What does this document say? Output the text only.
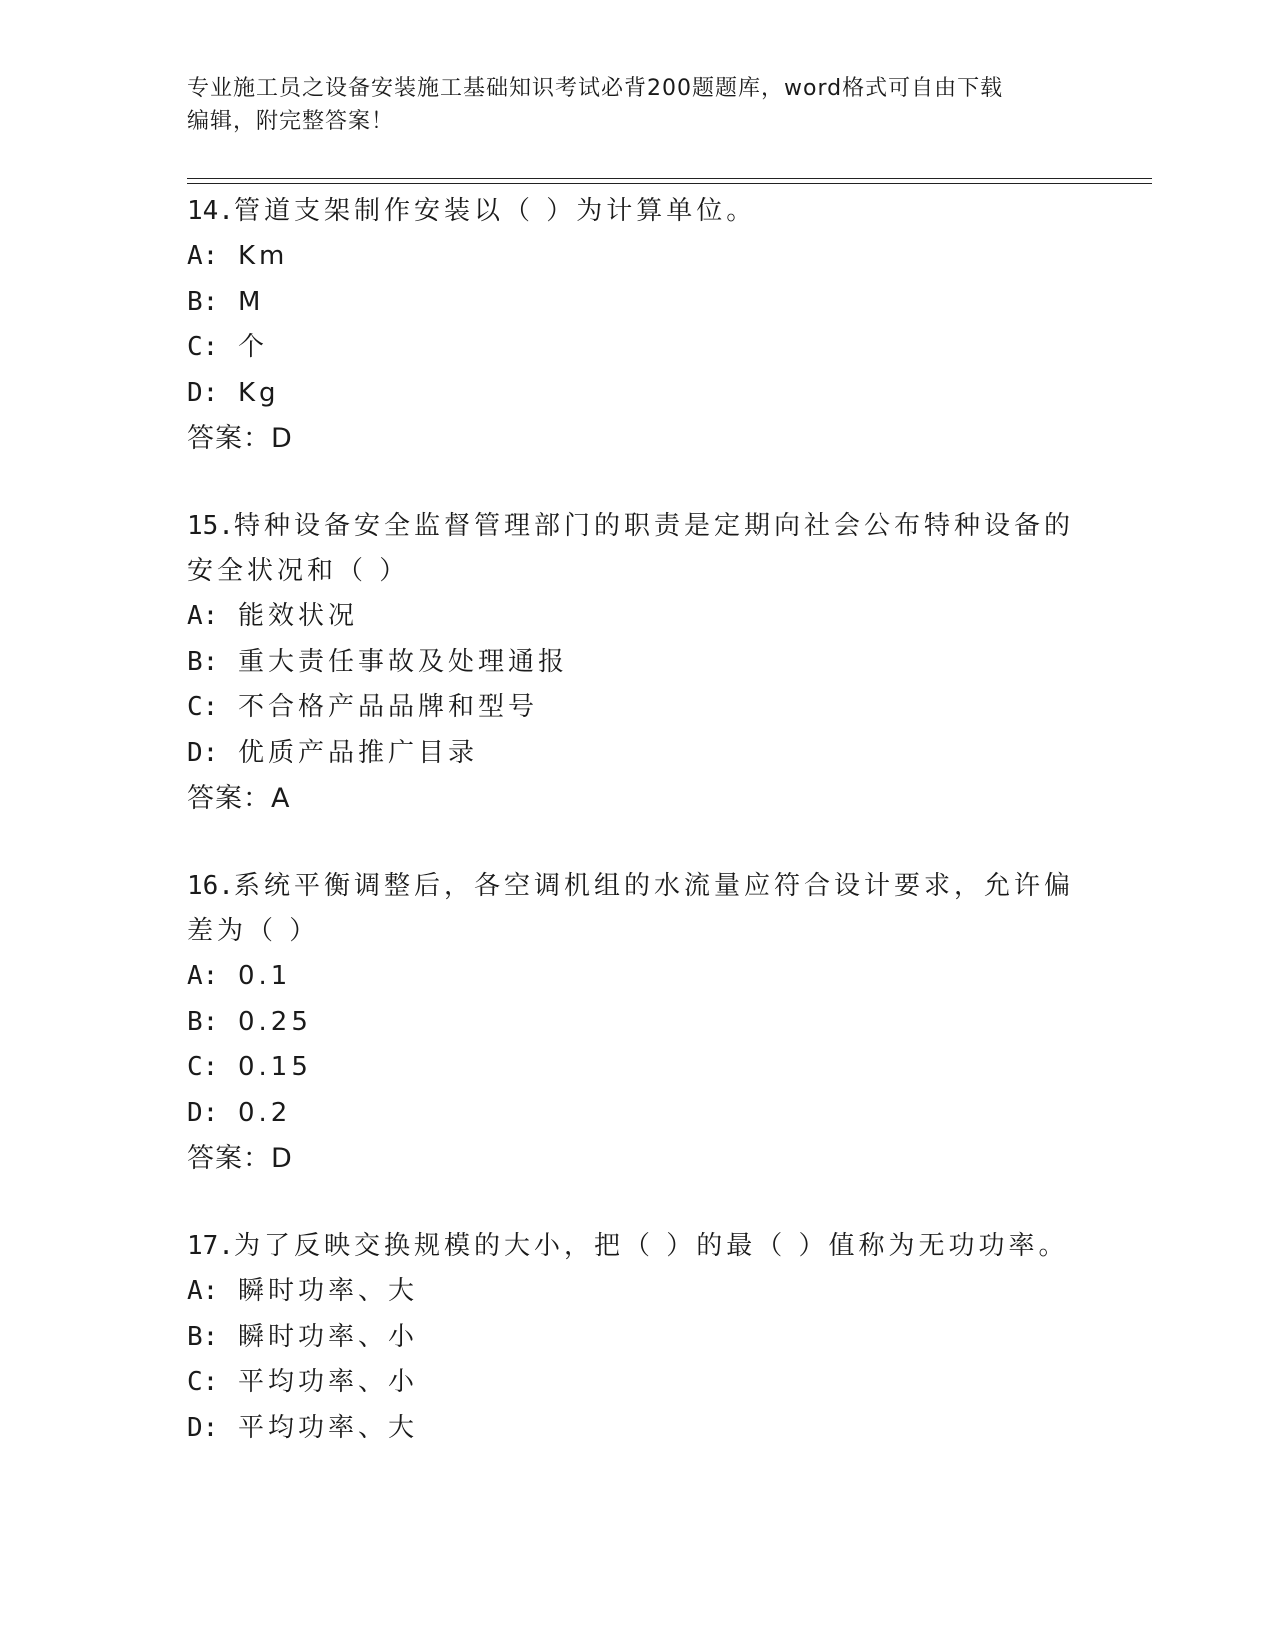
专业施工员之设备安装施工基础知识考试必背200题题库，word格式可自由下载
编辑，附完整答案！
14.管道支架制作安装以（ ）为计算单位。
A: Km
B: M
C: 个
D: Kg
答案：D
15.特种设备安全监督管理部门的职责是定期向社会公布特种设备的安全状况和（ ）
A: 能效状况
B: 重大责任事故及处理通报
C: 不合格产品品牌和型号
D: 优质产品推广目录
答案：A
16.系统平衡调整后，各空调机组的水流量应符合设计要求，允许偏差为（ ）
A: 0.1
B: 0.25
C: 0.15
D: 0.2
答案：D
17.为了反映交换规模的大小，把（ ）的最（ ）值称为无功功率。
A: 瞬时功率、大
B: 瞬时功率、小
C: 平均功率、小
D: 平均功率、大
